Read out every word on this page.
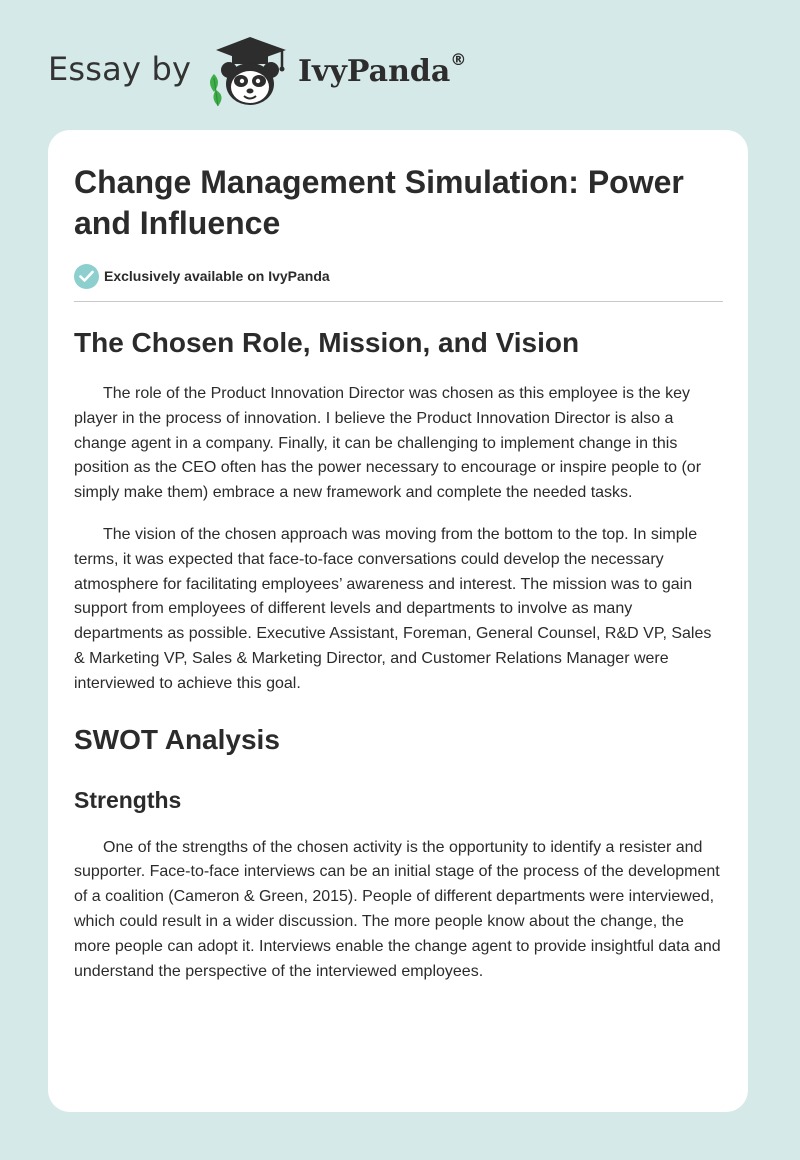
Essay by	IvyPanda®
Change Management Simulation: Power and Influence
Exclusively available on IvyPanda
The Chosen Role, Mission, and Vision

The role of the Product Innovation Director was chosen as this employee is the key player in the process of innovation. I believe the Product Innovation Director is also a change agent in a company. Finally, it can be challenging to implement change in this position as the CEO often has the power necessary to encourage or inspire people to (or simply make them) embrace a new framework and complete the needed tasks.

The vision of the chosen approach was moving from the bottom to the top. In simple terms, it was expected that face-to-face conversations could develop the necessary atmosphere for facilitating employees’ awareness and interest. The mission was to gain support from employees of different levels and departments to involve as many departments as possible. Executive Assistant, Foreman, General Counsel, R&D VP, Sales & Marketing VP, Sales & Marketing Director, and Customer Relations Manager were interviewed to achieve this goal.

SWOT Analysis
Strengths

One of the strengths of the chosen activity is the opportunity to identify a resister and supporter. Face-to-face interviews can be an initial stage of the process of the development of a coalition (Cameron & Green, 2015). People of different departments were interviewed, which could result in a wider discussion. The more people know about the change, the more people can adopt it. Interviews enable the change agent to provide insightful data and understand the perspective of the interviewed employees.
